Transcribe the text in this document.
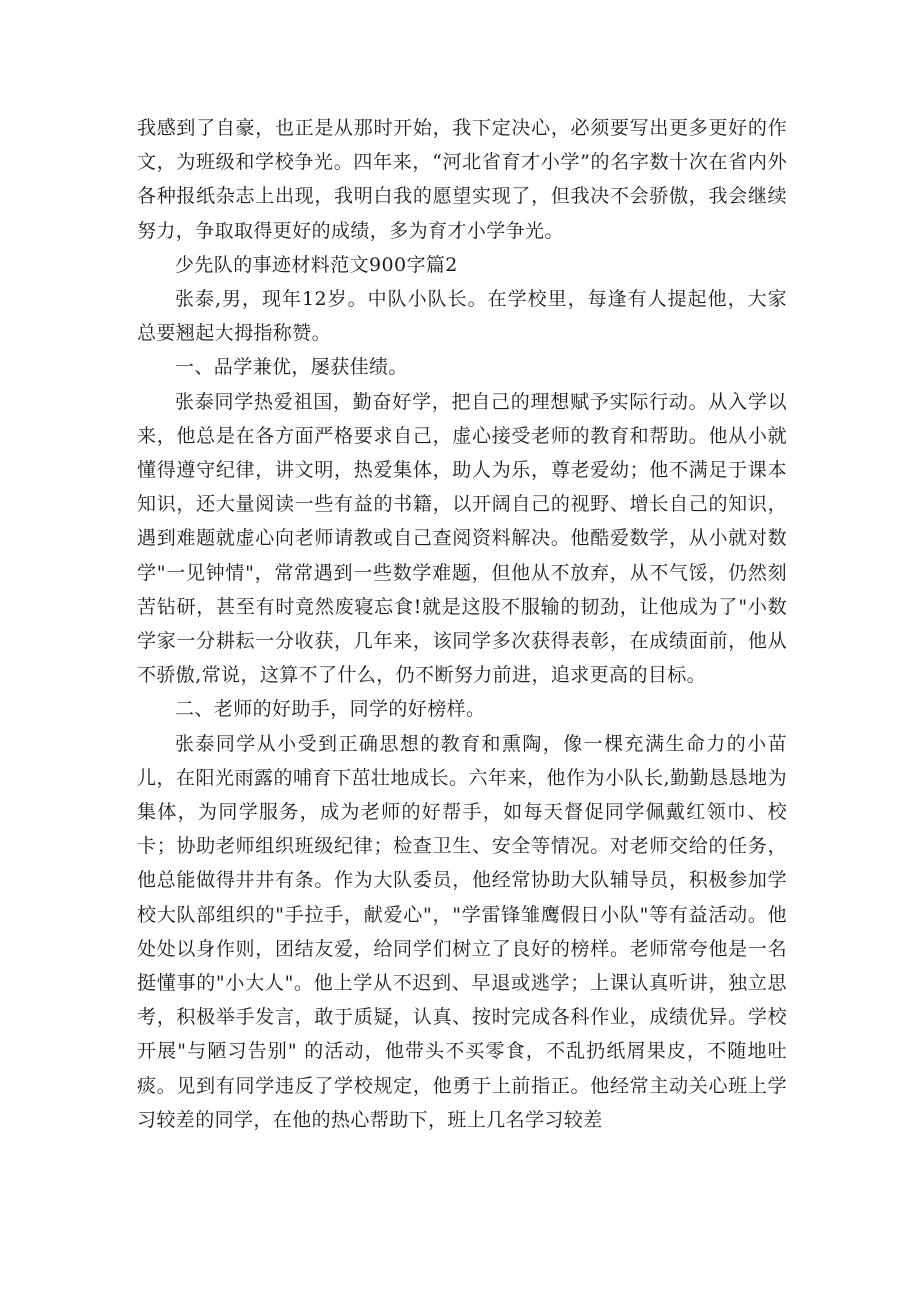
我感到了自豪，也正是从那时开始，我下定决心，必须要写出更多更好的作文，为班级和学校争光。四年来，“河北省育才小学”的名字数十次在省内外各种报纸杂志上出现，我明白我的愿望实现了，但我决不会骄傲，我会继续努力，争取取得更好的成绩，多为育才小学争光。

少先队的事迹材料范文900字篇2

张泰,男，现年12岁。中队小队长。在学校里，每逢有人提起他，大家总要翘起大拇指称赞。

一、品学兼优，屡获佳绩。

张泰同学热爱祖国，勤奋好学，把自己的理想赋予实际行动。从入学以来，他总是在各方面严格要求自己，虚心接受老师的教育和帮助。他从小就懂得遵守纪律，讲文明，热爱集体，助人为乐，尊老爱幼；他不满足于课本知识，还大量阅读一些有益的书籍，以开阔自己的视野、增长自己的知识，遇到难题就虚心向老师请教或自己查阅资料解决。他酷爱数学，从小就对数学"一见钟情"，常常遇到一些数学难题，但他从不放弃，从不气馁，仍然刻苦钻研，甚至有时竟然废寝忘食!就是这股不服输的韧劲，让他成为了"小数学家一分耕耘一分收获，几年来，该同学多次获得表彰，在成绩面前，他从不骄傲,常说，这算不了什么，仍不断努力前进，追求更高的目标。

二、老师的好助手，同学的好榜样。

张泰同学从小受到正确思想的教育和熏陶，像一棵充满生命力的小苗儿，在阳光雨露的哺育下茁壮地成长。六年来，他作为小队长,勤勤恳恳地为集体，为同学服务，成为老师的好帮手，如每天督促同学佩戴红领巾、校卡；协助老师组织班级纪律；检查卫生、安全等情况。对老师交给的任务，他总能做得井井有条。作为大队委员，他经常协助大队辅导员，积极参加学校大队部组织的"手拉手，献爱心"，"学雷锋雏鹰假日小队"等有益活动。他处处以身作则，团结友爱，给同学们树立了良好的榜样。老师常夸他是一名挺懂事的"小大人"。他上学从不迟到、早退或逃学；上课认真听讲，独立思考，积极举手发言，敢于质疑，认真、按时完成各科作业，成绩优异。学校开展"与陋习告别" 的活动，他带头不买零食，不乱扔纸屑果皮，不随地吐痰。见到有同学违反了学校规定，他勇于上前指正。他经常主动关心班上学习较差的同学，在他的热心帮助下，班上几名学习较差
